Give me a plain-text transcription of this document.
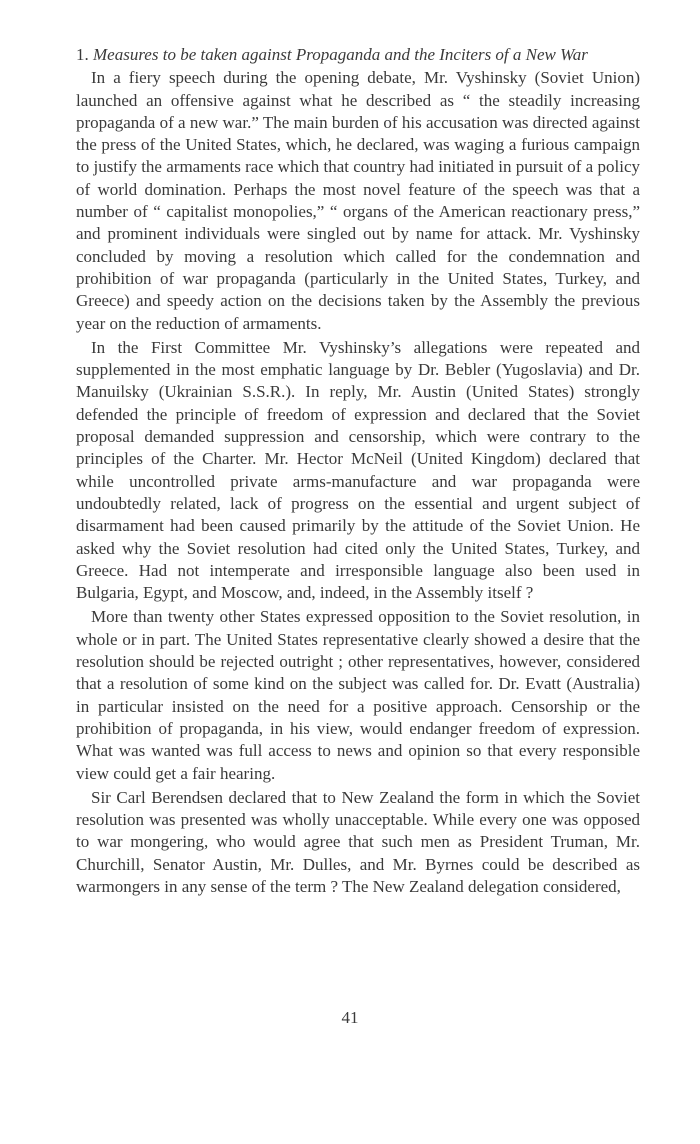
1. Measures to be taken against Propaganda and the Inciters of a New War

In a fiery speech during the opening debate, Mr. Vyshinsky (Soviet Union) launched an offensive against what he described as “ the steadily increasing propaganda of a new war.” The main burden of his accusation was directed against the press of the United States, which, he declared, was waging a furious campaign to justify the armaments race which that country had initiated in pursuit of a policy of world domination. Perhaps the most novel feature of the speech was that a number of “ capitalist monopolies,” “ organs of the American reactionary press,” and prominent individuals were singled out by name for attack. Mr. Vyshinsky concluded by moving a resolution which called for the condemnation and prohibition of war propaganda (particularly in the United States, Turkey, and Greece) and speedy action on the decisions taken by the Assembly the previous year on the reduction of armaments.

In the First Committee Mr. Vyshinsky’s allegations were repeated and supplemented in the most emphatic language by Dr. Bebler (Yugoslavia) and Dr. Manuilsky (Ukrainian S.S.R.). In reply, Mr. Austin (United States) strongly defended the principle of freedom of expression and declared that the Soviet proposal demanded suppression and censorship, which were contrary to the principles of the Charter. Mr. Hector McNeil (United Kingdom) declared that while uncontrolled private arms-manufacture and war propaganda were undoubtedly related, lack of progress on the essential and urgent subject of disarmament had been caused primarily by the attitude of the Soviet Union. He asked why the Soviet resolution had cited only the United States, Turkey, and Greece. Had not intemperate and irresponsible language also been used in Bulgaria, Egypt, and Moscow, and, indeed, in the Assembly itself ?

More than twenty other States expressed opposition to the Soviet resolution, in whole or in part. The United States representative clearly showed a desire that the resolution should be rejected outright ; other representatives, however, considered that a resolution of some kind on the subject was called for. Dr. Evatt (Australia) in particular insisted on the need for a positive approach. Censorship or the prohibition of propaganda, in his view, would endanger freedom of expression. What was wanted was full access to news and opinion so that every responsible view could get a fair hearing.

Sir Carl Berendsen declared that to New Zealand the form in which the Soviet resolution was presented was wholly unacceptable. While every one was opposed to war mongering, who would agree that such men as President Truman, Mr. Churchill, Senator Austin, Mr. Dulles, and Mr. Byrnes could be described as warmongers in any sense of the term ? The New Zealand delegation considered,

41
